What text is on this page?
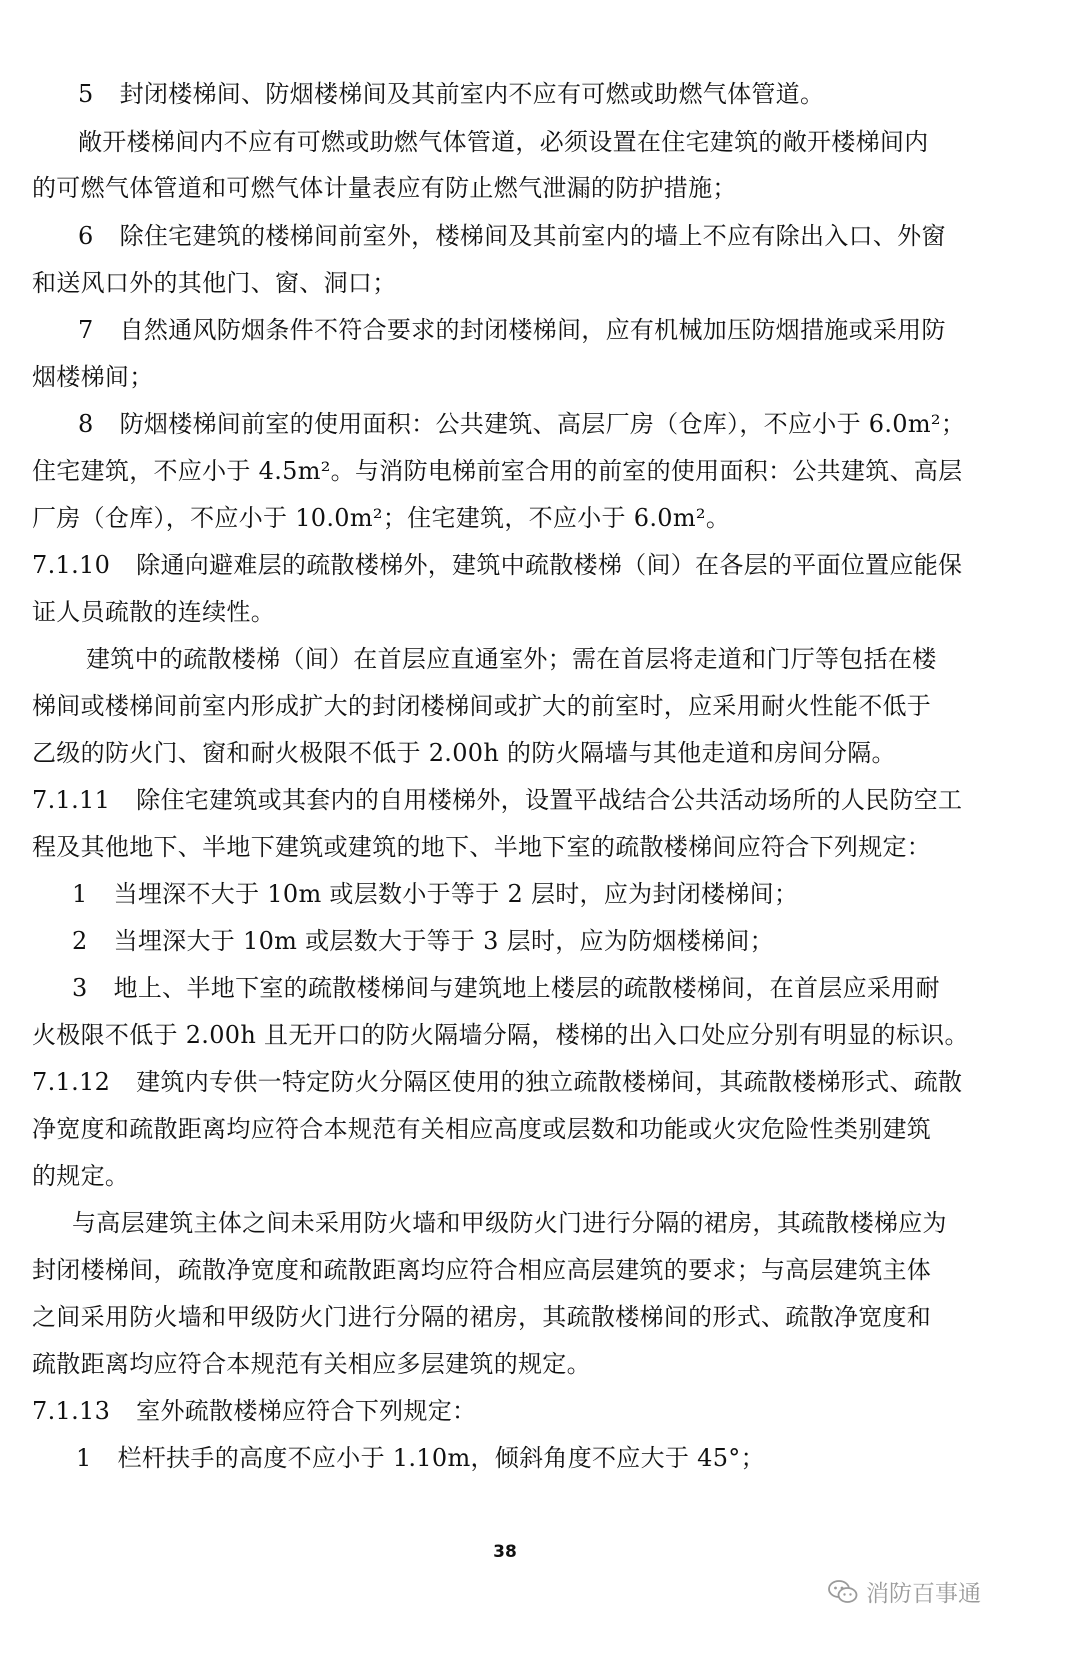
5 封闭楼梯间、防烟楼梯间及其前室内不应有可燃或助燃气体管道。
敞开楼梯间内不应有可燃或助燃气体管道，必须设置在住宅建筑的敞开楼梯间内
的可燃气体管道和可燃气体计量表应有防止燃气泄漏的防护措施；
6 除住宅建筑的楼梯间前室外，楼梯间及其前室内的墙上不应有除出入口、外窗
和送风口外的其他门、窗、洞口；
7 自然通风防烟条件不符合要求的封闭楼梯间，应有机械加压防烟措施或采用防
烟楼梯间；
8 防烟楼梯间前室的使用面积：公共建筑、高层厂房（仓库），不应小于 6.0m²；
住宅建筑，不应小于 4.5m²。与消防电梯前室合用的前室的使用面积：公共建筑、高层
厂房（仓库），不应小于 10.0m²；住宅建筑，不应小于 6.0m²。
7.1.10 除通向避难层的疏散楼梯外，建筑中疏散楼梯（间）在各层的平面位置应能保
证人员疏散的连续性。
建筑中的疏散楼梯（间）在首层应直通室外；需在首层将走道和门厅等包括在楼
梯间或楼梯间前室内形成扩大的封闭楼梯间或扩大的前室时，应采用耐火性能不低于
乙级的防火门、窗和耐火极限不低于 2.00h 的防火隔墙与其他走道和房间分隔。
7.1.11 除住宅建筑或其套内的自用楼梯外，设置平战结合公共活动场所的人民防空工
程及其他地下、半地下建筑或建筑的地下、半地下室的疏散楼梯间应符合下列规定：
1 当埋深不大于 10m 或层数小于等于 2 层时，应为封闭楼梯间；
2 当埋深大于 10m 或层数大于等于 3 层时，应为防烟楼梯间；
3 地上、半地下室的疏散楼梯间与建筑地上楼层的疏散楼梯间，在首层应采用耐
火极限不低于 2.00h 且无开口的防火隔墙分隔，楼梯的出入口处应分别有明显的标识。
7.1.12 建筑内专供一特定防火分隔区使用的独立疏散楼梯间，其疏散楼梯形式、疏散
净宽度和疏散距离均应符合本规范有关相应高度或层数和功能或火灾危险性类别建筑
的规定。
与高层建筑主体之间未采用防火墙和甲级防火门进行分隔的裙房，其疏散楼梯应为
封闭楼梯间，疏散净宽度和疏散距离均应符合相应高层建筑的要求；与高层建筑主体
之间采用防火墙和甲级防火门进行分隔的裙房，其疏散楼梯间的形式、疏散净宽度和
疏散距离均应符合本规范有关相应多层建筑的规定。
7.1.13 室外疏散楼梯应符合下列规定：
1 栏杆扶手的高度不应小于 1.10m，倾斜角度不应大于 45°；
38
消防百事通
